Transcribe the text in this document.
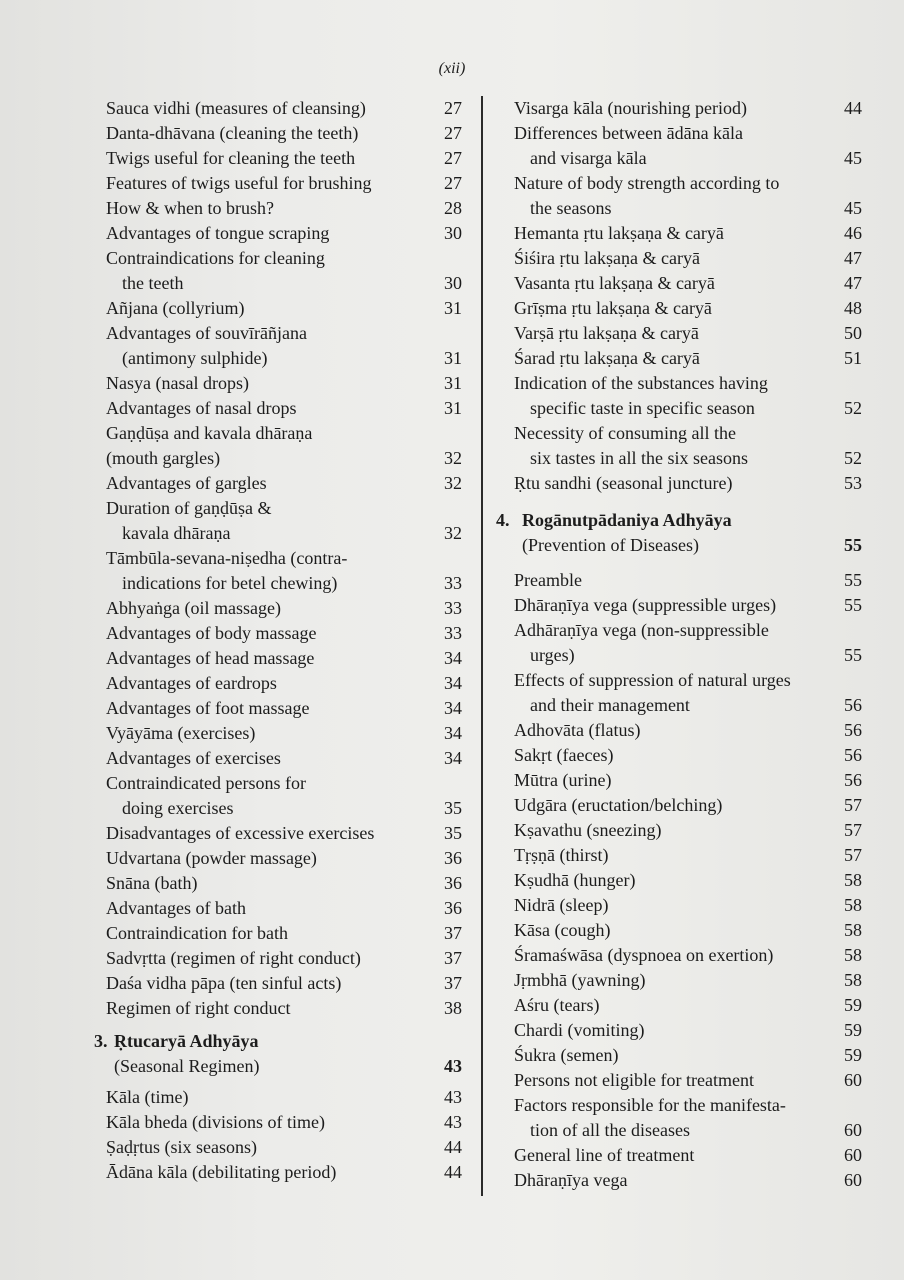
(xii)
Sauca vidhi (measures of cleansing)	27
Danta-dhāvana (cleaning the teeth)	27
Twigs useful for cleaning the teeth	27
Features of twigs useful for brushing	27
How & when to brush?	28
Advantages of tongue scraping	30
Contraindications for cleaning
the teeth	30
Añjana (collyrium)	31
Advantages of souvīrāñjana
(antimony sulphide)	31
Nasya (nasal drops)	31
Advantages of nasal drops	31
Gaṇḍūṣa and kavala dhāraṇa
(mouth gargles)	32
Advantages of gargles	32
Duration of gaṇḍūṣa &
kavala dhāraṇa	32
Tāmbūla-sevana-niṣedha (contra-
indications for betel chewing)	33
Abhyaṅga (oil massage)	33
Advantages of body massage	33
Advantages of head massage	34
Advantages of eardrops	34
Advantages of foot massage	34
Vyāyāma (exercises)	34
Advantages of exercises	34
Contraindicated persons for
doing exercises	35
Disadvantages of excessive exercises	35
Udvartana (powder massage)	36
Snāna (bath)	36
Advantages of bath	36
Contraindication for bath	37
Sadvṛtta (regimen of right conduct)	37
Daśa vidha pāpa (ten sinful acts)	37
Regimen of right conduct	38
3. Ṛtucaryā Adhyāya
(Seasonal Regimen)	43
Kāla (time)	43
Kāla bheda (divisions of time)	43
Ṣaḍṛtus (six seasons)	44
Ādāna kāla (debilitating period)	44
Visarga kāla (nourishing period)	44
Differences between ādāna kāla
and visarga kāla	45
Nature of body strength according to
the seasons	45
Hemanta ṛtu lakṣaṇa & caryā	46
Śiśira ṛtu lakṣaṇa & caryā	47
Vasanta ṛtu lakṣaṇa & caryā	47
Grīṣma ṛtu lakṣaṇa & caryā	48
Varṣā ṛtu lakṣaṇa & caryā	50
Śarad ṛtu lakṣaṇa & caryā	51
Indication of the substances having
specific taste in specific season	52
Necessity of consuming all the
six tastes in all the six seasons	52
Ṛtu sandhi (seasonal juncture)	53
4. Rogānutpādaniya Adhyāya
(Prevention of Diseases)	55
Preamble	55
Dhāraṇīya vega (suppressible urges)	55
Adhāraṇīya vega (non-suppressible
urges)	55
Effects of suppression of natural urges
and their management	56
Adhovāta (flatus)	56
Sakṛt (faeces)	56
Mūtra (urine)	56
Udgāra (eructation/belching)	57
Kṣavathu (sneezing)	57
Tṛṣṇā (thirst)	57
Kṣudhā (hunger)	58
Nidrā (sleep)	58
Kāsa (cough)	58
Śramaśwāsa (dyspnoea on exertion)	58
Jṛmbhā (yawning)	58
Aśru (tears)	59
Chardi (vomiting)	59
Śukra (semen)	59
Persons not eligible for treatment	60
Factors responsible for the manifesta-
tion of all the diseases	60
General line of treatment	60
Dhāraṇīya vega	60
